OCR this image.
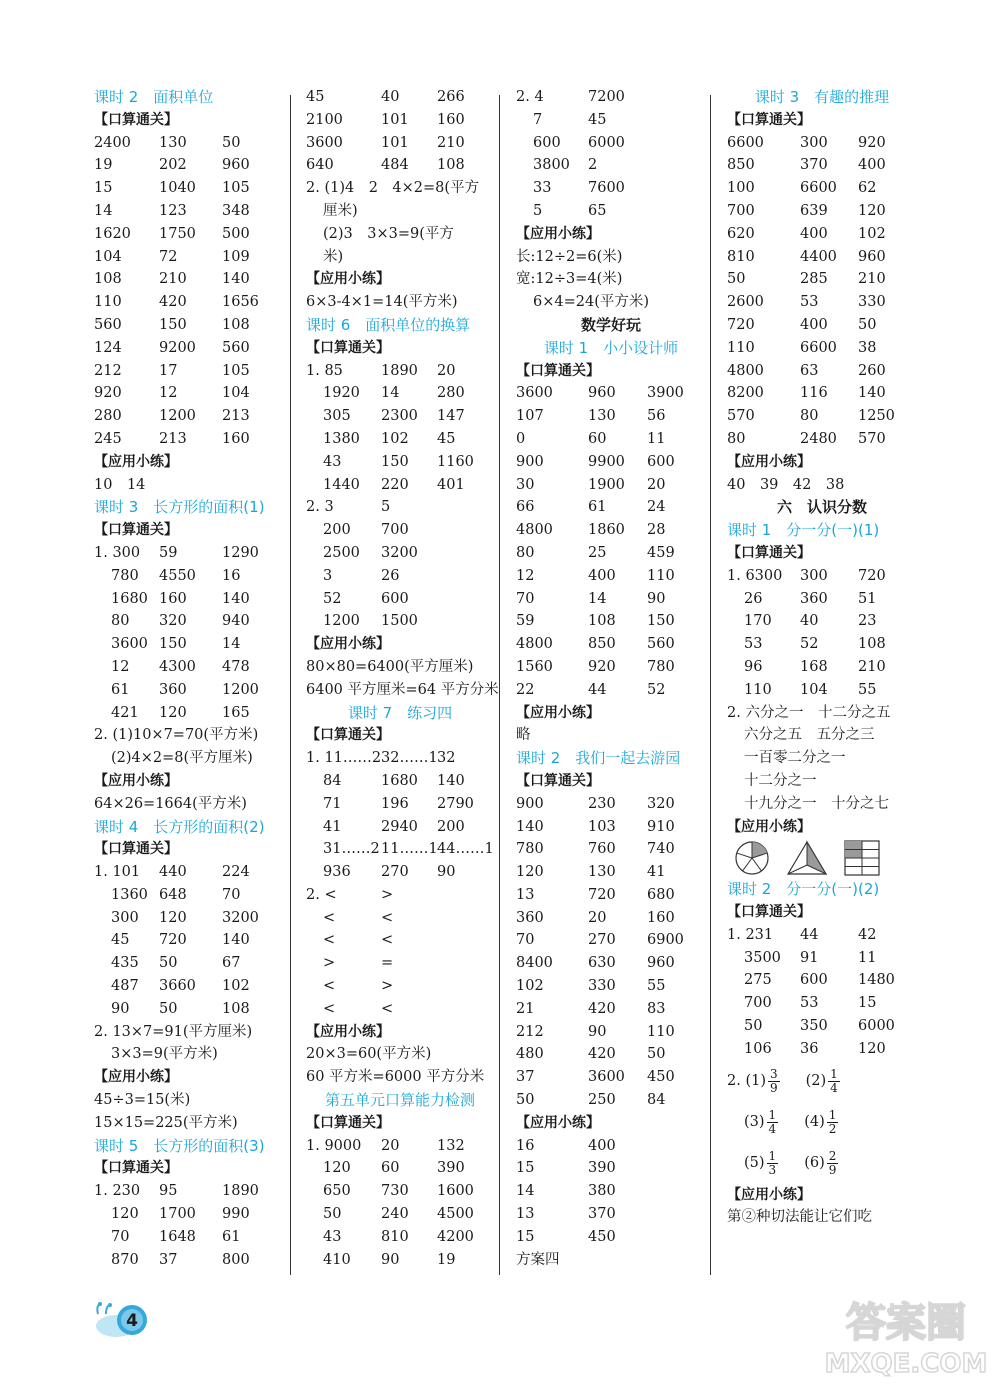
课时 2　面积单位
【口算通关】
2400 130 50
19	202 960
15	1040 105
14	123 348
1620 1750 500
104	72	109
108	210 140
110	420 1656
560	150 108
124	9200 560
212	17	105
920	12	104
280	1200 213
245	213 160
【应用小练】
10　14
课时 3　长方形的面积(1)
【口算通关】
1. 300 59	1290
780 4550 16
1680 160 140
80 320 940
3600 150 14
12 4300 478
61 360 1200
421 120 165
2. (1)10×7=70(平方米)
(2)4×2=8(平方厘米)
【应用小练】
64×26=1664(平方米)
课时 4　长方形的面积(2)
【口算通关】
1. 101 440 224
1360 648 70
300 120 3200
45 720 140
435 50	67
487 3660 102
90 50	108
2. 13×7=91(平方厘米)
3×3=9(平方米)
【应用小练】
45÷3=15(米)
15×15=225(平方米)
课时 5　长方形的面积(3)
【口算通关】
1. 230 95	1890
120 1700 990
70 1648 61
870 37	800
45	40	266
2100	101 160
3600	101 210
640	484 108
2. (1)4　2　4×2=8(平方
厘米)
(2)3　3×3=9(平方
米)
【应用小练】
6×3-4×1=14(平方米)
课时 6　面积单位的换算
【口算通关】
1. 85	1890 20
1920 14	280
305 2300 147
1380 102 45
43	150 1160
1440 220 401
2. 3	5
200 700
2500 3200
3	26
52	600
1200 1500
【应用小练】
80×80=6400(平方厘米)
6400 平方厘米=64 平方分米
课时 7　练习四
【口算通关】
1. 11……2 32……1 32
84	1680 140
71	196 2790
41	2940 200
31……2 11……1 44……1
936 270 90
2. <	>
<	<
<	<
>	=
<	>
<	<
【应用小练】
20×3=60(平方米)
60 平方米=6000 平方分米
第五单元口算能力检测
【口算通关】
1. 9000 20	132
120 60	390
650 730 1600
50	240 4500
43	810 4200
410 90	19
2. 4	7200
7	45
600 6000
3800 2
33	7600
5	65
【应用小练】
长:12÷2=6(米)
宽:12÷3=4(米)
6×4=24(平方米)
数学好玩
课时 1　小小设计师
【口算通关】
3600 960 3900
107	130 56
0	60	11
900	9900 600
30	1900 20
66	61	24
4800 1860 28
80	25	459
12	400 110
70	14	90
59	108 150
4800 850 560
1560 920 780
22	44	52
【应用小练】
略
课时 2　我们一起去游园
【口算通关】
900	230 320
140	103 910
780	760 740
120	130 41
13	720 680
360	20	160
70	270 6900
8400 630 960
102	330 55
21	420 83
212	90	110
480	420 50
37	3600 450
50	250 84
【应用小练】
16	400
15	390
14	380
13	370
15	450
方案四
课时 3　有趣的推理
【口算通关】
6600 300 920
850	370 400
100	6600 62
700	639 120
620	400 102
810	4400 960
50	285 210
2600 53	330
720	400 50
110	6600 38
4800 63	260
8200 116 140
570	80	1250
80	2480 570
【应用小练】
40　39　42　38
六　认识分数
课时 1　分一分(一)(1)
【口算通关】
1. 6300 300 720
26	360 51
170 40	23
53	52	108
96	168 210
110 104 55
2. 六分之一　十二分之五
六分之五　五分之三
一百零二分之一
十二分之一
十九分之一　十分之七
【应用小练】
课时 2　分一分(一)(2)
【口算通关】
1. 231 44	42
3500 91	11
275 600 1480
700 53	15
50	350 6000
106 36	120
2. $(1) \frac{3}{9} (2) \frac{1}{4}$
$(3) \frac{1}{4} (4) \frac{1}{2}$
$(5) \frac{1}{3} (6) \frac{2}{9}$
【应用小练】
第②种切法能让它们吃
4	答案圈
MXQE.COM
